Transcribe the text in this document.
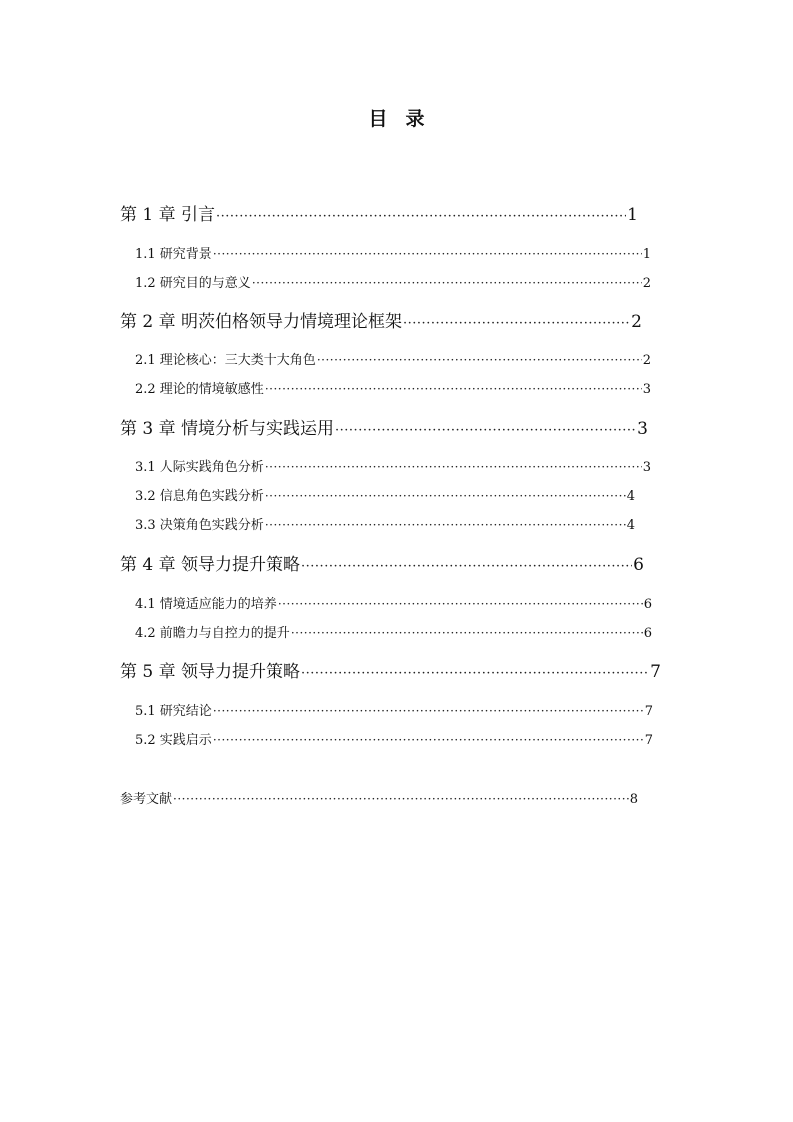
目 录
第 1 章 引言 ·····	1
1.1 研究背景 ·····	1
1.2 研究目的与意义 ·····	2
第 2 章 明茨伯格领导力情境理论框架 ·····	2
2.1 理论核心：三大类十大角色 ·····	2
2.2 理论的情境敏感性 ·····	3
第 3 章 情境分析与实践运用 ·····	3
3.1 人际实践角色分析 ·····	3
3.2 信息角色实践分析 ·····	4
3.3 决策角色实践分析 ·····	4
第 4 章 领导力提升策略 ·····	6
4.1 情境适应能力的培养 ·····	6
4.2 前瞻力与自控力的提升 ·····	6
第 5 章 领导力提升策略 ·····	7
5.1 研究结论 ·····	7
5.2 实践启示 ·····	7
参考文献 ·····	8
